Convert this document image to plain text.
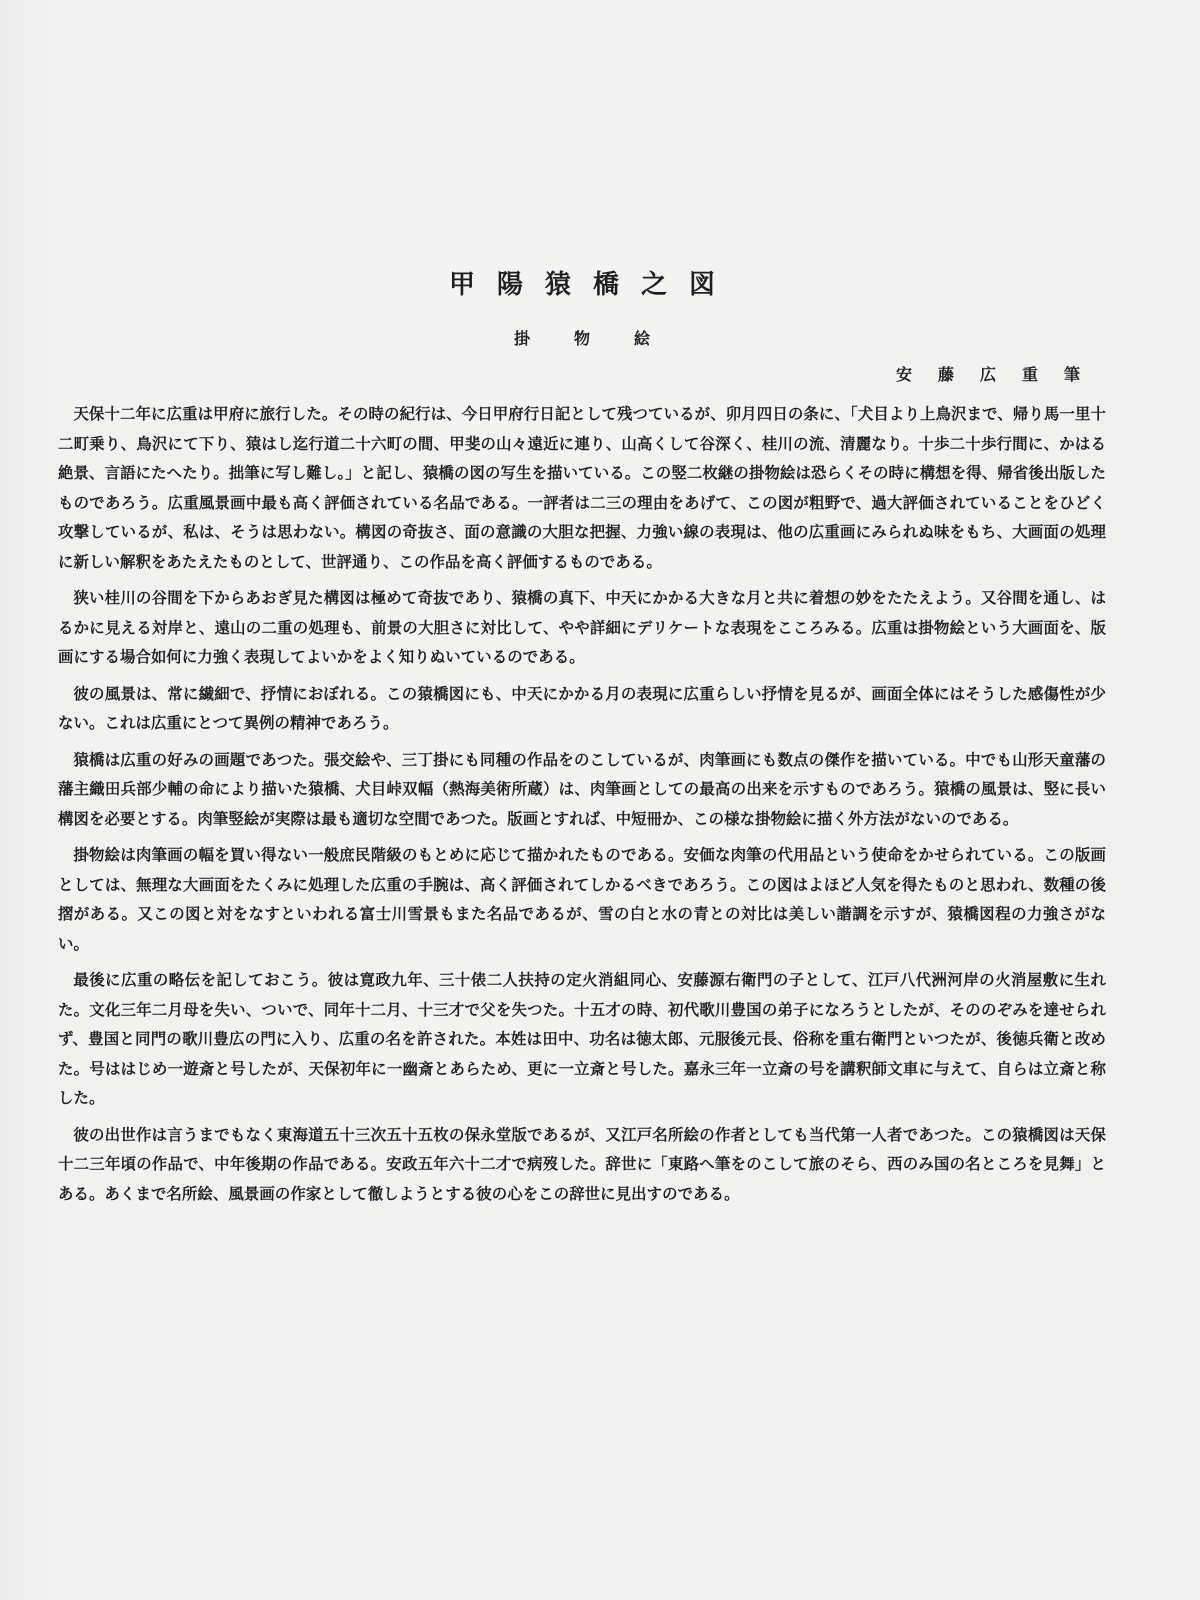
甲陽猿橋之図
掛物絵
安藤広重筆

天保十二年に広重は甲府に旅行した。その時の紀行は、今日甲府行日記として残つているが、卯月四日の条に、「犬目より上鳥沢まで、帰り馬一里十二町乗り、鳥沢にて下り、猿はし迄行道二十六町の間、甲斐の山々遠近に連り、山高くして谷深く、桂川の流、清麗なり。十歩二十歩行間に、かはる絶景、言語にたへたり。拙筆に写し難し。」と記し、猿橋の図の写生を描いている。この竪二枚継の掛物絵は恐らくその時に構想を得、帰省後出版したものであろう。広重風景画中最も高く評価されている名品である。一評者は二三の理由をあげて、この図が粗野で、過大評価されていることをひどく攻撃しているが、私は、そうは思わない。構図の奇抜さ、面の意識の大胆な把握、力強い線の表現は、他の広重画にみられぬ味をもち、大画面の処理に新しい解釈をあたえたものとして、世評通り、この作品を高く評価するものである。

狭い桂川の谷間を下からあおぎ見た構図は極めて奇抜であり、猿橋の真下、中天にかかる大きな月と共に着想の妙をたたえよう。又谷間を通し、はるかに見える対岸と、遠山の二重の処理も、前景の大胆さに対比して、やや詳細にデリケートな表現をこころみる。広重は掛物絵という大画面を、版画にする場合如何に力強く表現してよいかをよく知りぬいているのである。

彼の風景は、常に繊細で、抒情におぼれる。この猿橋図にも、中天にかかる月の表現に広重らしい抒情を見るが、画面全体にはそうした感傷性が少ない。これは広重にとつて異例の精神であろう。

猿橋は広重の好みの画題であつた。張交絵や、三丁掛にも同種の作品をのこしているが、肉筆画にも数点の傑作を描いている。中でも山形天童藩の藩主織田兵部少輔の命により描いた猿橋、犬目峠双幅（熱海美術所蔵）は、肉筆画としての最高の出来を示すものであろう。猿橋の風景は、竪に長い構図を必要とする。肉筆竪絵が実際は最も適切な空間であつた。版画とすれば、中短冊か、この様な掛物絵に描く外方法がないのである。

掛物絵は肉筆画の幅を買い得ない一般庶民階級のもとめに応じて描かれたものである。安価な肉筆の代用品という使命をかせられている。この版画としては、無理な大画面をたくみに処理した広重の手腕は、高く評価されてしかるべきであろう。この図はよほど人気を得たものと思われ、数種の後摺がある。又この図と対をなすといわれる富士川雪景もまた名品であるが、雪の白と水の青との対比は美しい諧調を示すが、猿橋図程の力強さがない。

最後に広重の略伝を記しておこう。彼は寛政九年、三十俵二人扶持の定火消組同心、安藤源右衛門の子として、江戸八代洲河岸の火消屋敷に生れた。文化三年二月母を失い、ついで、同年十二月、十三才で父を失つた。十五才の時、初代歌川豊国の弟子になろうとしたが、そののぞみを達せられず、豊国と同門の歌川豊広の門に入り、広重の名を許された。本姓は田中、功名は徳太郎、元服後元長、俗称を重右衛門といつたが、後徳兵衛と改めた。号ははじめ一遊斎と号したが、天保初年に一幽斎とあらため、更に一立斎と号した。嘉永三年一立斎の号を講釈師文車に与えて、自らは立斎と称した。

彼の出世作は言うまでもなく東海道五十三次五十五枚の保永堂版であるが、又江戸名所絵の作者としても当代第一人者であつた。この猿橋図は天保十二三年頃の作品で、中年後期の作品である。安政五年六十二才で病歿した。辞世に「東路へ筆をのこして旅のそら、西のみ国の名ところを見舞」とある。あくまで名所絵、風景画の作家として徹しようとする彼の心をこの辞世に見出すのである。
